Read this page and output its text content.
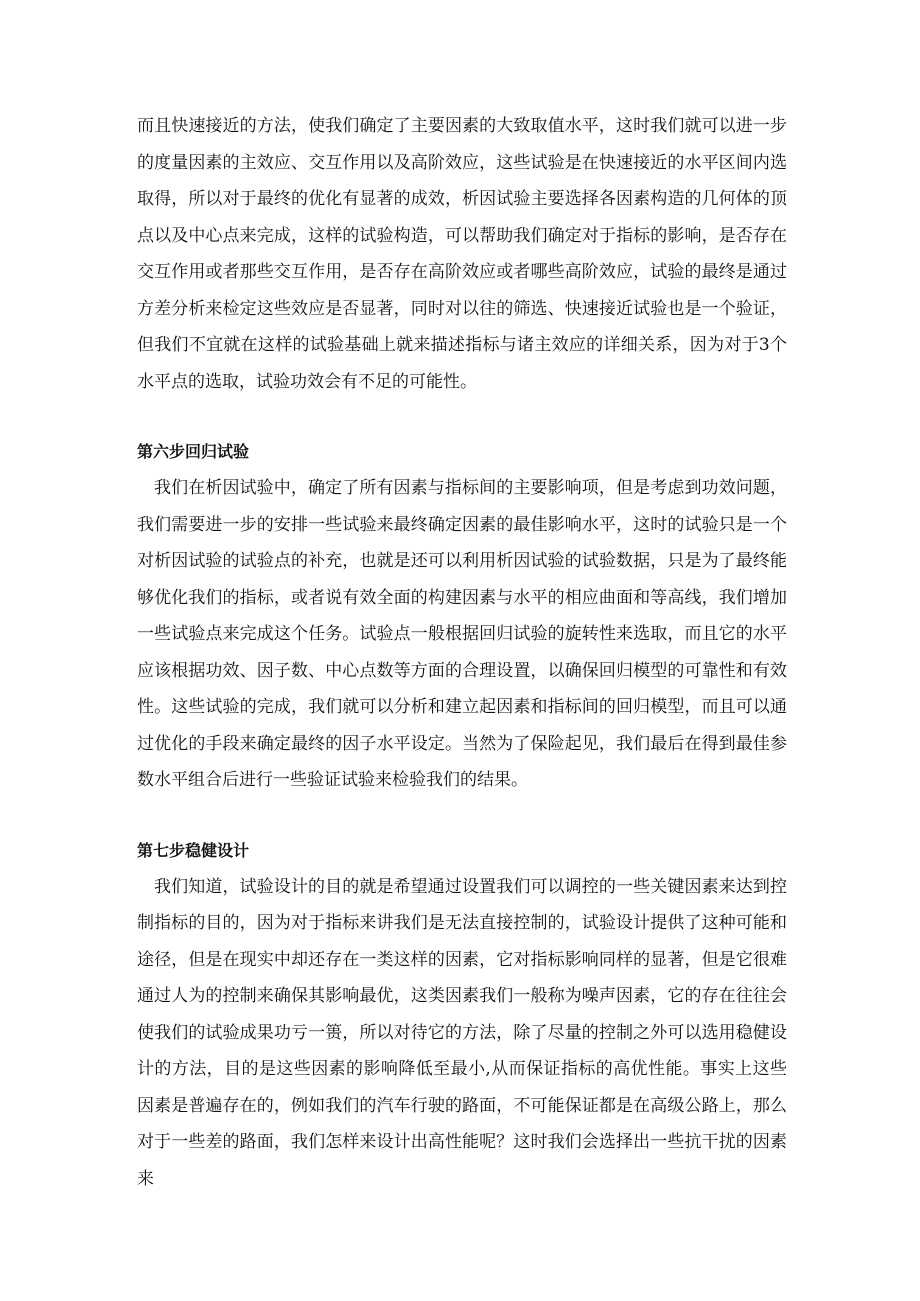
而且快速接近的方法，使我们确定了主要因素的大致取值水平，这时我们就可以进一步的度量因素的主效应、交互作用以及高阶效应，这些试验是在快速接近的水平区间内选取得，所以对于最终的优化有显著的成效，析因试验主要选择各因素构造的几何体的顶点以及中心点来完成，这样的试验构造，可以帮助我们确定对于指标的影响，是否存在交互作用或者那些交互作用，是否存在高阶效应或者哪些高阶效应，试验的最终是通过方差分析来检定这些效应是否显著，同时对以往的筛选、快速接近试验也是一个验证，但我们不宜就在这样的试验基础上就来描述指标与诸主效应的详细关系，因为对于3个水平点的选取，试验功效会有不足的可能性。

第六步回归试验

我们在析因试验中，确定了所有因素与指标间的主要影响项，但是考虑到功效问题，我们需要进一步的安排一些试验来最终确定因素的最佳影响水平，这时的试验只是一个对析因试验的试验点的补充，也就是还可以利用析因试验的试验数据，只是为了最终能够优化我们的指标，或者说有效全面的构建因素与水平的相应曲面和等高线，我们增加一些试验点来完成这个任务。试验点一般根据回归试验的旋转性来选取，而且它的水平应该根据功效、因子数、中心点数等方面的合理设置，以确保回归模型的可靠性和有效性。这些试验的完成，我们就可以分析和建立起因素和指标间的回归模型，而且可以通过优化的手段来确定最终的因子水平设定。当然为了保险起见，我们最后在得到最佳参数水平组合后进行一些验证试验来检验我们的结果。

第七步稳健设计

我们知道，试验设计的目的就是希望通过设置我们可以调控的一些关键因素来达到控制指标的目的，因为对于指标来讲我们是无法直接控制的，试验设计提供了这种可能和途径，但是在现实中却还存在一类这样的因素，它对指标影响同样的显著，但是它很难通过人为的控制来确保其影响最优，这类因素我们一般称为噪声因素，它的存在往往会使我们的试验成果功亏一篑，所以对待它的方法，除了尽量的控制之外可以选用稳健设计的方法，目的是这些因素的影响降低至最小,从而保证指标的高优性能。事实上这些因素是普遍存在的，例如我们的汽车行驶的路面，不可能保证都是在高级公路上，那么对于一些差的路面，我们怎样来设计出高性能呢？这时我们会选择出一些抗干扰的因素来
